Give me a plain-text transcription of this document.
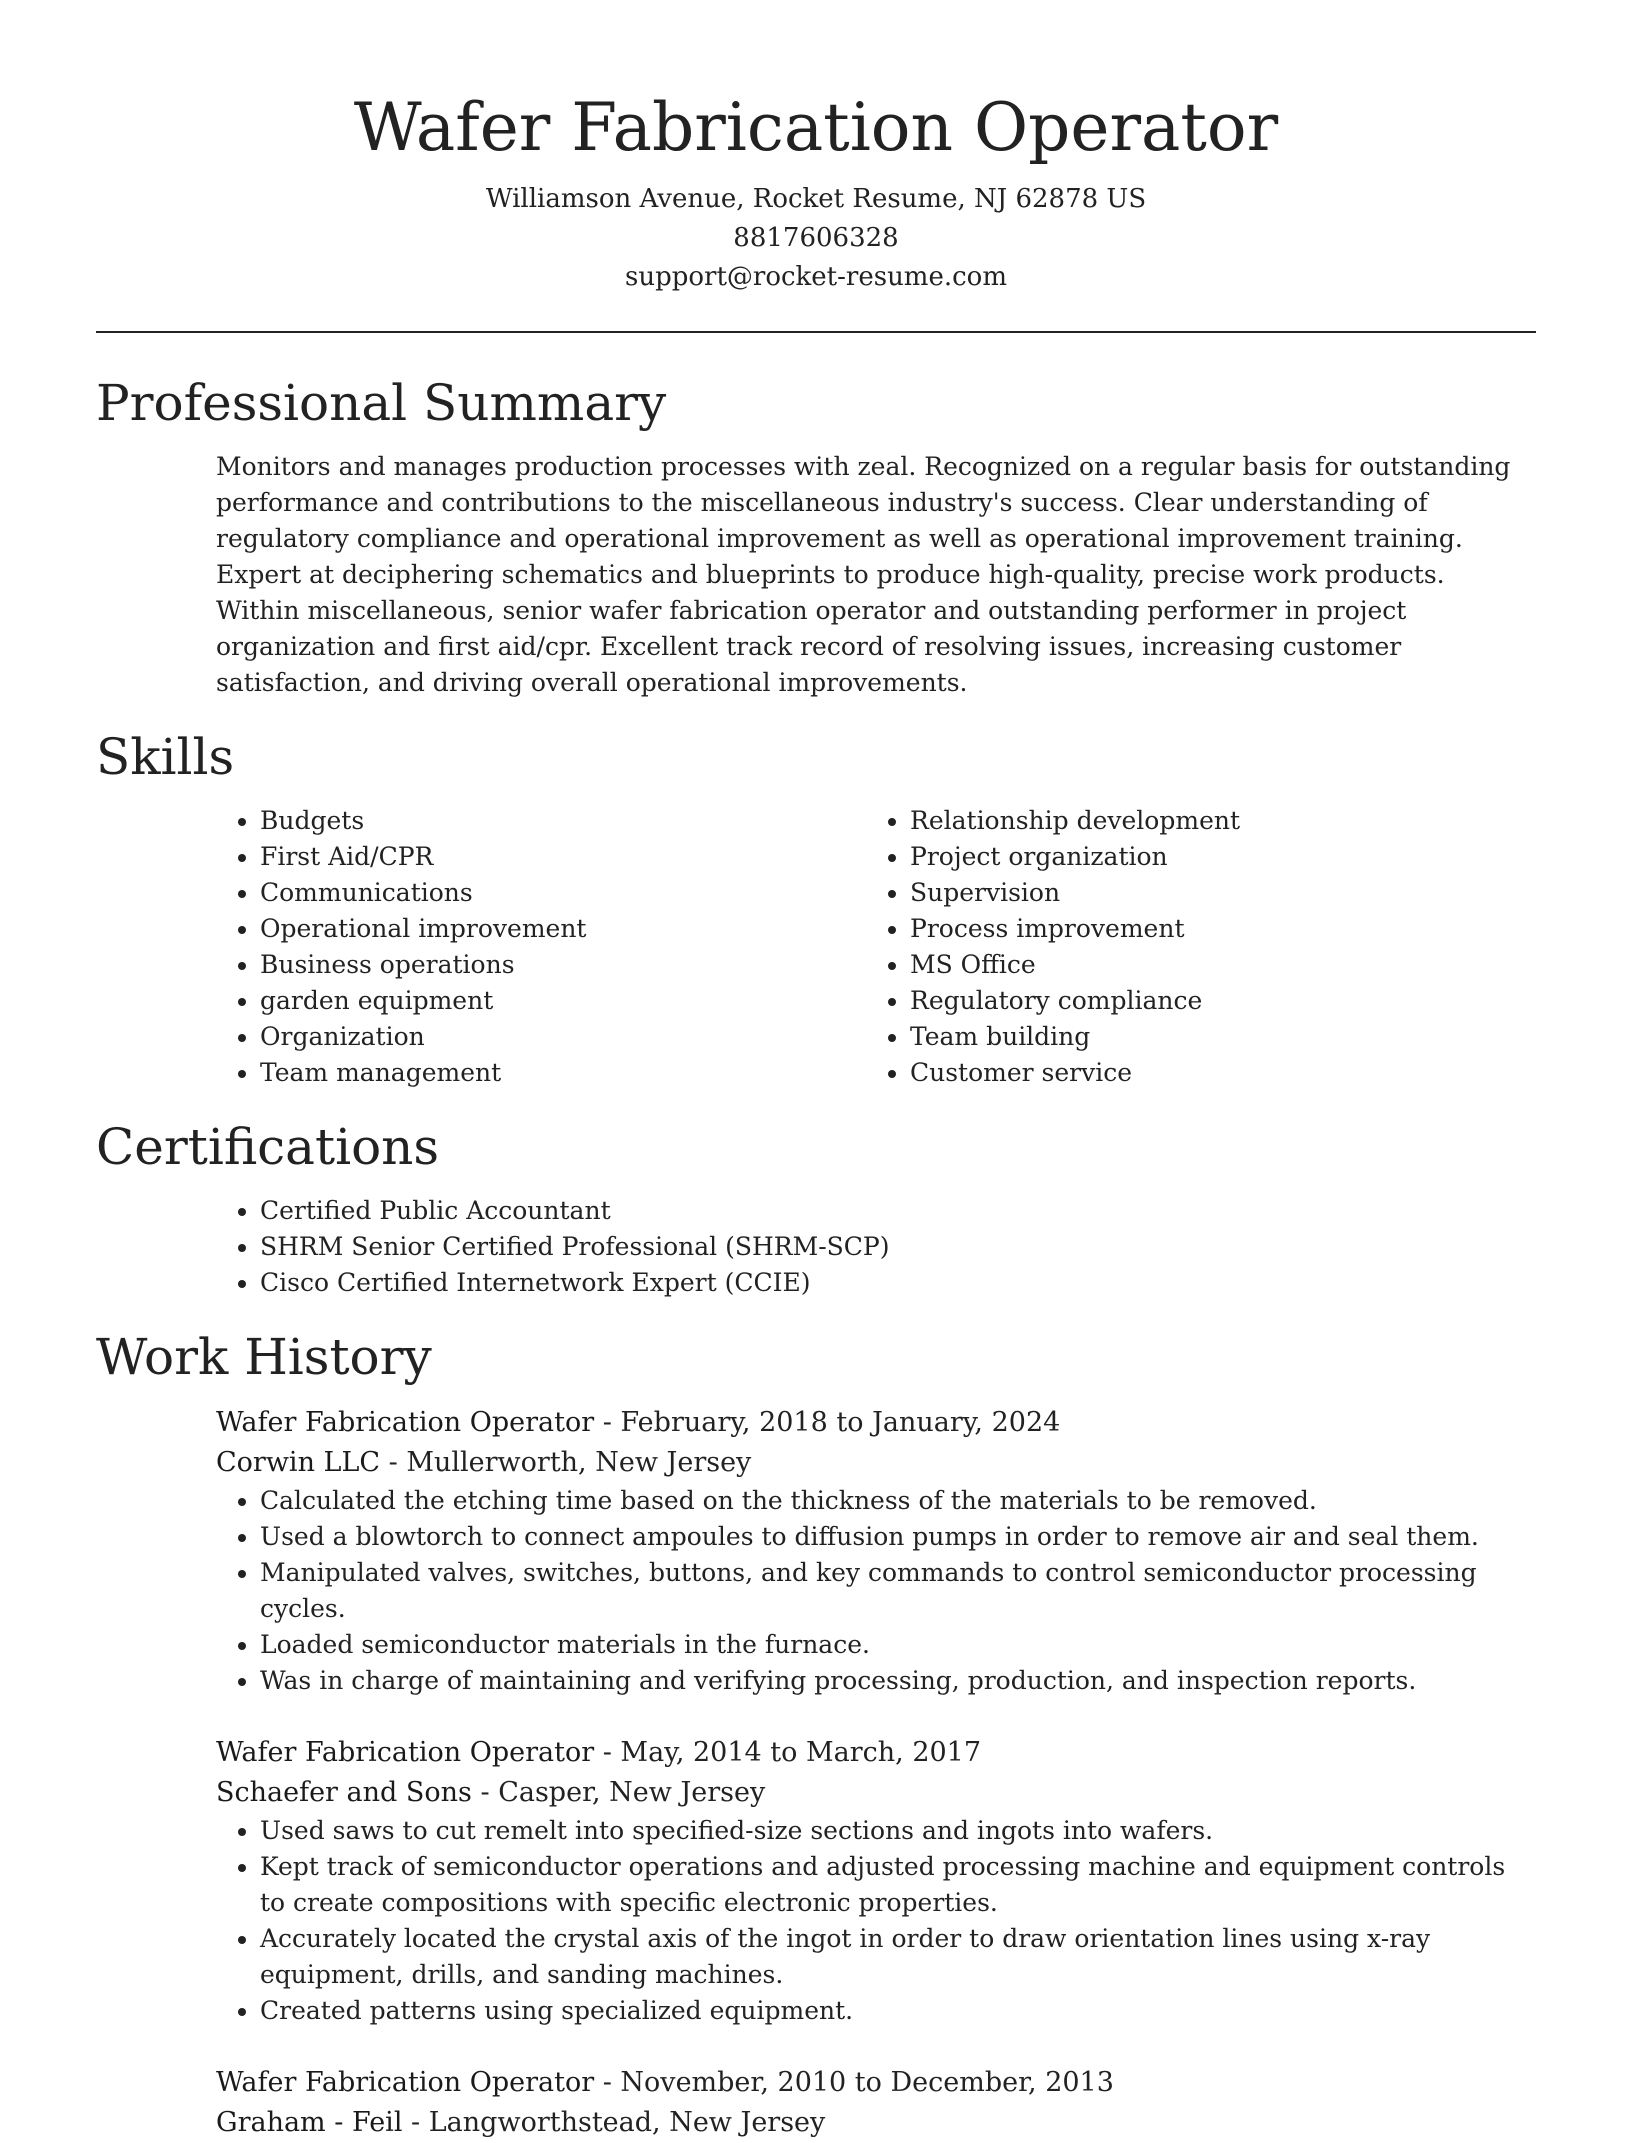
Wafer Fabrication Operator

Williamson Avenue, Rocket Resume, NJ 62878 US

8817606328

support@rocket-resume.com

Professional Summary

Monitors and manages production processes with zeal. Recognized on a regular basis for outstanding performance and contributions to the miscellaneous industry's success. Clear understanding of regulatory compliance and operational improvement as well as operational improvement training. Expert at deciphering schematics and blueprints to produce high-quality, precise work products. Within miscellaneous, senior wafer fabrication operator and outstanding performer in project organization and first aid/cpr. Excellent track record of resolving issues, increasing customer satisfaction, and driving overall operational improvements.

Skills
• Budgets
• First Aid/CPR
• Communications
• Operational improvement
• Business operations
• garden equipment
• Organization
• Team management
• Relationship development
• Project organization
• Supervision
• Process improvement
• MS Office
• Regulatory compliance
• Team building
• Customer service
Certifications
• Certified Public Accountant
• SHRM Senior Certified Professional (SHRM-SCP)
• Cisco Certified Internetwork Expert (CCIE)
Work History

Wafer Fabrication Operator - February, 2018 to January, 2024

Corwin LLC - Mullerworth, New Jersey

• Calculated the etching time based on the thickness of the materials to be removed.
• Used a blowtorch to connect ampoules to diffusion pumps in order to remove air and seal them.
• Manipulated valves, switches, buttons, and key commands to control semiconductor processing cycles.
• Loaded semiconductor materials in the furnace.
• Was in charge of maintaining and verifying processing, production, and inspection reports.

Wafer Fabrication Operator - May, 2014 to March, 2017

Schaefer and Sons - Casper, New Jersey

• Used saws to cut remelt into specified-size sections and ingots into wafers.
• Kept track of semiconductor operations and adjusted processing machine and equipment controls to create compositions with specific electronic properties.
• Accurately located the crystal axis of the ingot in order to draw orientation lines using x-ray equipment, drills, and sanding machines.
• Created patterns using specialized equipment.

Wafer Fabrication Operator - November, 2010 to December, 2013

Graham - Feil - Langworthstead, New Jersey
